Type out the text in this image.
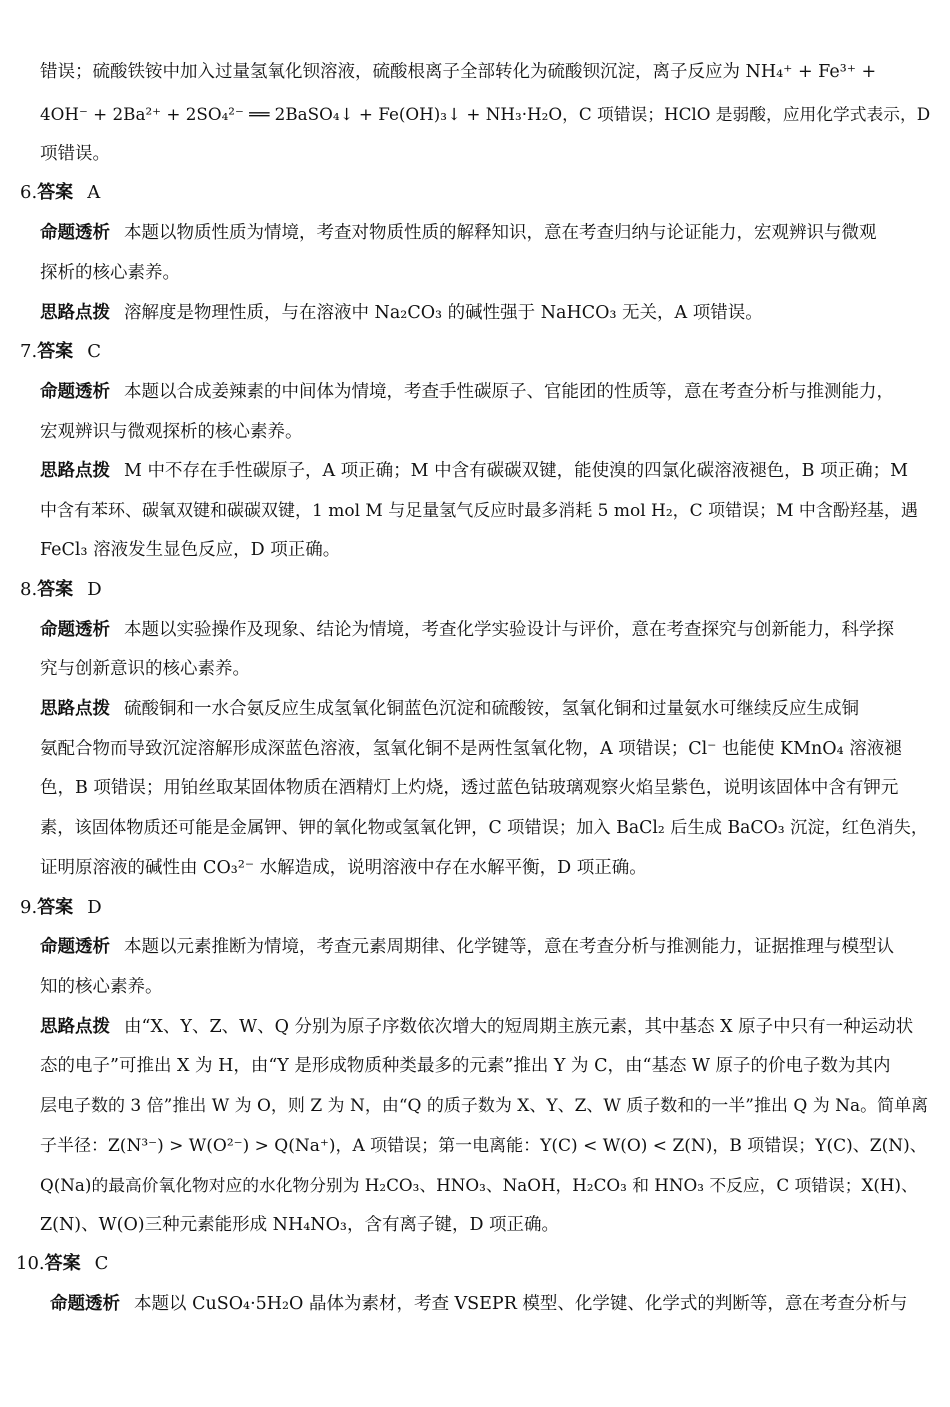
错误；硫酸铁铵中加入过量氢氧化钡溶液，硫酸根离子全部转化为硫酸钡沉淀，离子反应为 NH₄⁺ + Fe³⁺ +
4OH⁻ + 2Ba²⁺ + 2SO₄²⁻ ══ 2BaSO₄↓ + Fe(OH)₃↓ + NH₃·H₂O，C 项错误；HClO 是弱酸，应用化学式表示，D
项错误。
6.答案 A
命题透析 本题以物质性质为情境，考查对物质性质的解释知识，意在考查归纳与论证能力，宏观辨识与微观
探析的核心素养。
思路点拨 溶解度是物理性质，与在溶液中 Na₂CO₃ 的碱性强于 NaHCO₃ 无关，A 项错误。
7.答案 C
命题透析 本题以合成姜辣素的中间体为情境，考查手性碳原子、官能团的性质等，意在考查分析与推测能力，
宏观辨识与微观探析的核心素养。
思路点拨 M 中不存在手性碳原子，A 项正确；M 中含有碳碳双键，能使溴的四氯化碳溶液褪色，B 项正确；M
中含有苯环、碳氧双键和碳碳双键，1 mol M 与足量氢气反应时最多消耗 5 mol H₂，C 项错误；M 中含酚羟基，遇
FeCl₃ 溶液发生显色反应，D 项正确。
8.答案 D
命题透析 本题以实验操作及现象、结论为情境，考查化学实验设计与评价，意在考查探究与创新能力，科学探
究与创新意识的核心素养。
思路点拨 硫酸铜和一水合氨反应生成氢氧化铜蓝色沉淀和硫酸铵，氢氧化铜和过量氨水可继续反应生成铜
氨配合物而导致沉淀溶解形成深蓝色溶液，氢氧化铜不是两性氢氧化物，A 项错误；Cl⁻ 也能使 KMnO₄ 溶液褪
色，B 项错误；用铂丝取某固体物质在酒精灯上灼烧，透过蓝色钴玻璃观察火焰呈紫色，说明该固体中含有钾元
素，该固体物质还可能是金属钾、钾的氧化物或氢氧化钾，C 项错误；加入 BaCl₂ 后生成 BaCO₃ 沉淀，红色消失，
证明原溶液的碱性由 CO₃²⁻ 水解造成，说明溶液中存在水解平衡，D 项正确。
9.答案 D
命题透析 本题以元素推断为情境，考查元素周期律、化学键等，意在考查分析与推测能力，证据推理与模型认
知的核心素养。
思路点拨 由“X、Y、Z、W、Q 分别为原子序数依次增大的短周期主族元素，其中基态 X 原子中只有一种运动状
态的电子”可推出 X 为 H，由“Y 是形成物质种类最多的元素”推出 Y 为 C，由“基态 W 原子的价电子数为其内
层电子数的 3 倍”推出 W 为 O，则 Z 为 N，由“Q 的质子数为 X、Y、Z、W 质子数和的一半”推出 Q 为 Na。简单离
子半径：Z(N³⁻) > W(O²⁻) > Q(Na⁺)，A 项错误；第一电离能：Y(C) < W(O) < Z(N)，B 项错误；Y(C)、Z(N)、
Q(Na)的最高价氧化物对应的水化物分别为 H₂CO₃、HNO₃、NaOH，H₂CO₃ 和 HNO₃ 不反应，C 项错误；X(H)、
Z(N)、W(O)三种元素能形成 NH₄NO₃，含有离子键，D 项正确。
10.答案 C
命题透析 本题以 CuSO₄·5H₂O 晶体为素材，考查 VSEPR 模型、化学键、化学式的判断等，意在考查分析与
